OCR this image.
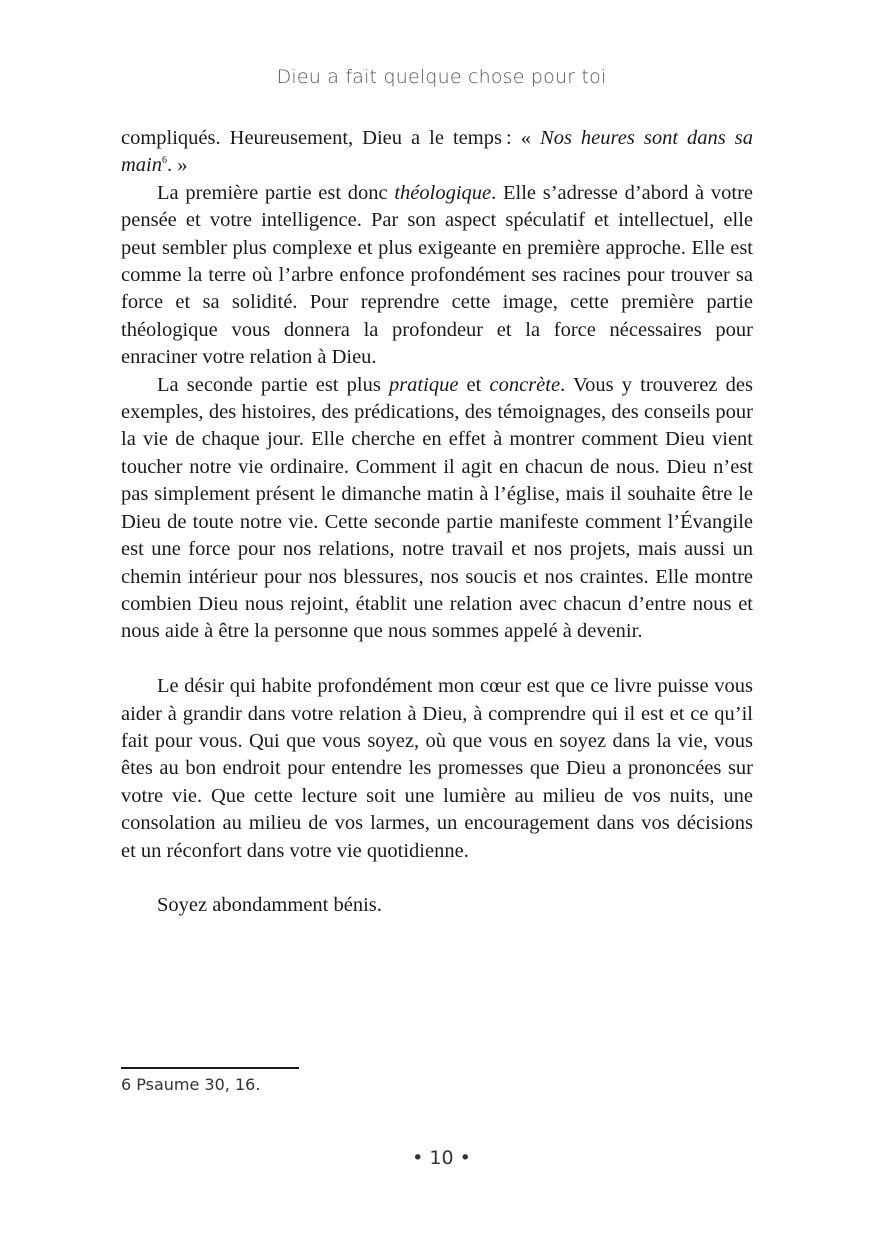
Dieu a fait quelque chose pour toi

compliqués. Heureusement, Dieu a le temps : « Nos heures sont dans sa main$^6$. »

La première partie est donc théologique. Elle s’adresse d’abord à votre pensée et votre intelligence. Par son aspect spéculatif et intellectuel, elle peut sembler plus complexe et plus exigeante en première approche. Elle est comme la terre où l’arbre enfonce profondément ses racines pour trouver sa force et sa solidité. Pour reprendre cette image, cette première partie théologique vous donnera la profondeur et la force nécessaires pour enraciner votre relation à Dieu.

La seconde partie est plus pratique et concrète. Vous y trouverez des exemples, des histoires, des prédications, des témoignages, des conseils pour la vie de chaque jour. Elle cherche en effet à montrer comment Dieu vient toucher notre vie ordinaire. Comment il agit en chacun de nous. Dieu n’est pas simplement présent le dimanche matin à l’église, mais il souhaite être le Dieu de toute notre vie. Cette seconde partie manifeste comment l’Évangile est une force pour nos relations, notre travail et nos projets, mais aussi un chemin intérieur pour nos blessures, nos soucis et nos craintes. Elle montre combien Dieu nous rejoint, établit une relation avec chacun d’entre nous et nous aide à être la personne que nous sommes appelé à devenir.

Le désir qui habite profondément mon cœur est que ce livre puisse vous aider à grandir dans votre relation à Dieu, à comprendre qui il est et ce qu’il fait pour vous. Qui que vous soyez, où que vous en soyez dans la vie, vous êtes au bon endroit pour entendre les promesses que Dieu a prononcées sur votre vie. Que cette lecture soit une lumière au milieu de vos nuits, une consolation au milieu de vos larmes, un encouragement dans vos décisions et un réconfort dans votre vie quotidienne.

Soyez abondamment bénis.

6 Psaume 30, 16.
• 10 •
